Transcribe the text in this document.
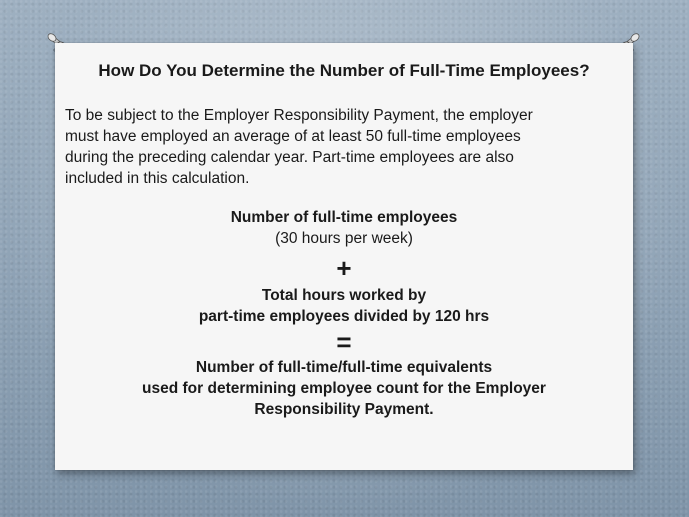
How Do You Determine the Number of Full-Time Employees?
To be subject to the Employer Responsibility Payment, the employer
must have employed an average of at least 50 full-time employees
during the preceding calendar year. Part-time employees are also
included in this calculation.
Number of full-time employees
(30 hours per week)
+
Total hours worked by
part-time employees divided by 120 hrs
=
Number of full-time/full-time equivalents
used for determining employee count for the Employer
Responsibility Payment.
